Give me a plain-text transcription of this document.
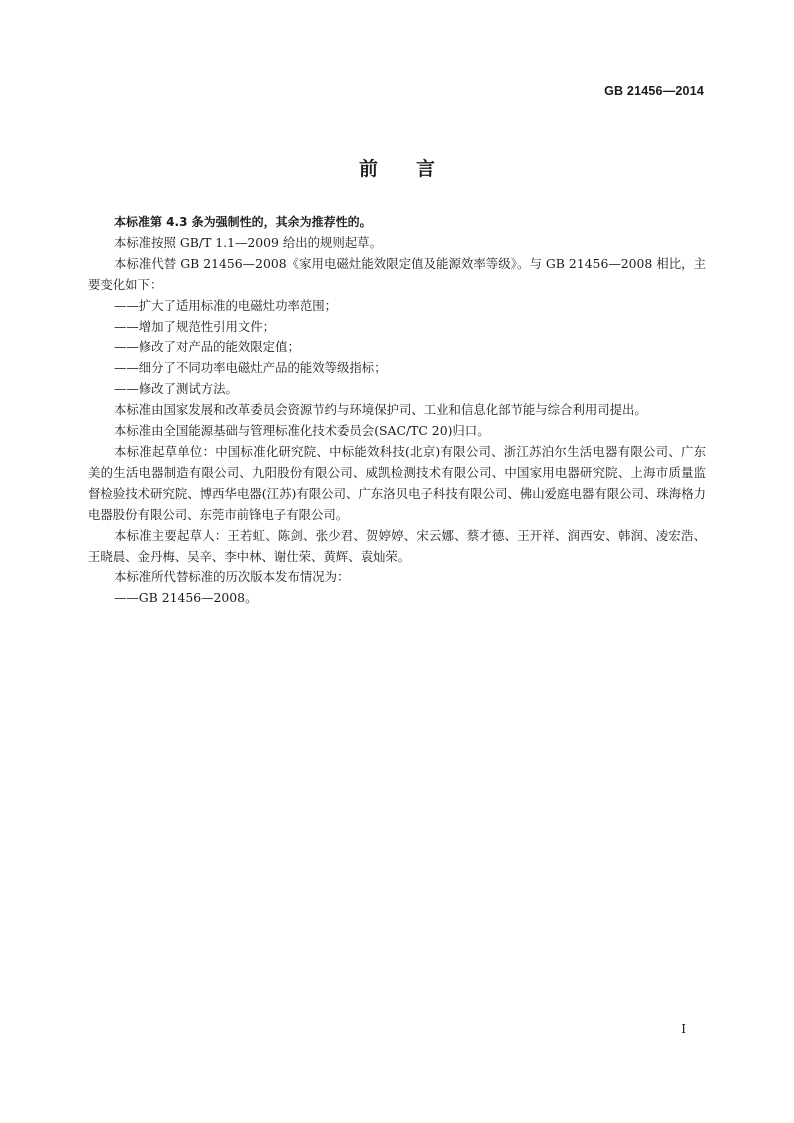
GB 21456—2014
前言

本标准第 4.3 条为强制性的，其余为推荐性的。

本标准按照 GB/T 1.1—2009 给出的规则起草。

本标准代替 GB 21456—2008《家用电磁灶能效限定值及能源效率等级》。与 GB 21456—2008 相比，主要变化如下：

——扩大了适用标准的电磁灶功率范围；

——增加了规范性引用文件；

——修改了对产品的能效限定值；

——细分了不同功率电磁灶产品的能效等级指标；

——修改了测试方法。

本标准由国家发展和改革委员会资源节约与环境保护司、工业和信息化部节能与综合利用司提出。

本标准由全国能源基础与管理标准化技术委员会(SAC/TC 20)归口。

本标准起草单位：中国标准化研究院、中标能效科技(北京)有限公司、浙江苏泊尔生活电器有限公司、广东美的生活电器制造有限公司、九阳股份有限公司、威凯检测技术有限公司、中国家用电器研究院、上海市质量监督检验技术研究院、博西华电器(江苏)有限公司、广东洛贝电子科技有限公司、佛山爱庭电器有限公司、珠海格力电器股份有限公司、东莞市前锋电子有限公司。

本标准主要起草人：王若虹、陈剑、张少君、贺婷婷、宋云娜、蔡才德、王开祥、润西安、韩润、凌宏浩、王晓晨、金丹梅、吴辛、李中林、谢仕荣、黄辉、袁灿荣。

本标准所代替标准的历次版本发布情况为：

——GB 21456—2008。

I
